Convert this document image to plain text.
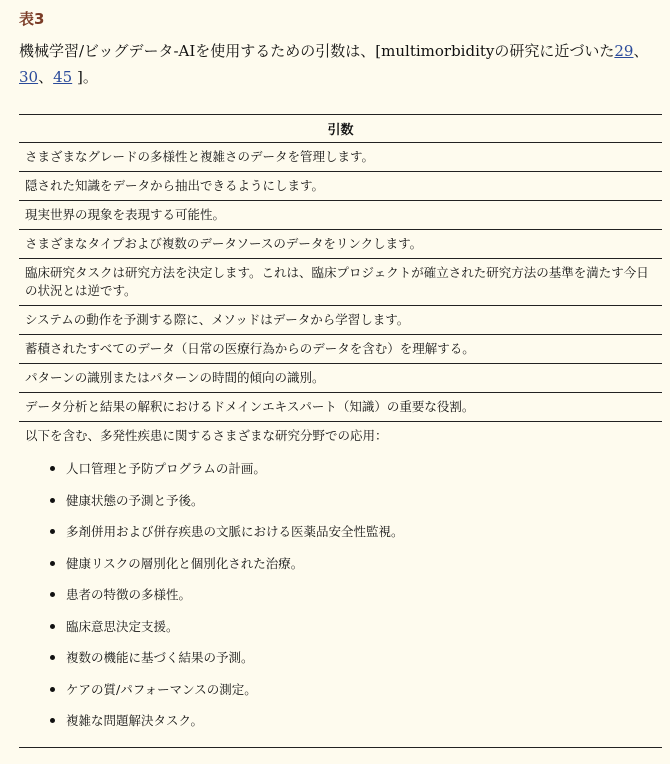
表3
機械学習/ビッグデータ-AIを使用するための引数は、[multimorbidityの研究に近づいた29、30、45 ]。
引数
さまざまなグレードの多様性と複雑さのデータを管理します。
隠された知識をデータから抽出できるようにします。
現実世界の現象を表現する可能性。
さまざまなタイプおよび複数のデータソースのデータをリンクします。
臨床研究タスクは研究方法を決定します。これは、臨床プロジェクトが確立された研究方法の基準を満たす今日の状況とは逆です。
システムの動作を予測する際に、メソッドはデータから学習します。
蓄積されたすべてのデータ（日常の医療行為からのデータを含む）を理解する。
パターンの識別またはパターンの時間的傾向の識別。
データ分析と結果の解釈におけるドメインエキスパート（知識）の重要な役割。

以下を含む、多発性疾患に関するさまざまな研究分野での応用：
人口管理と予防プログラムの計画。
健康状態の予測と予後。
多剤併用および併存疾患の文脈における医薬品安全性監視。
健康リスクの層別化と個別化された治療。
患者の特徴の多様性。
臨床意思決定支援。
複数の機能に基づく結果の予測。
ケアの質/パフォーマンスの測定。
複雑な問題解決タスク。
